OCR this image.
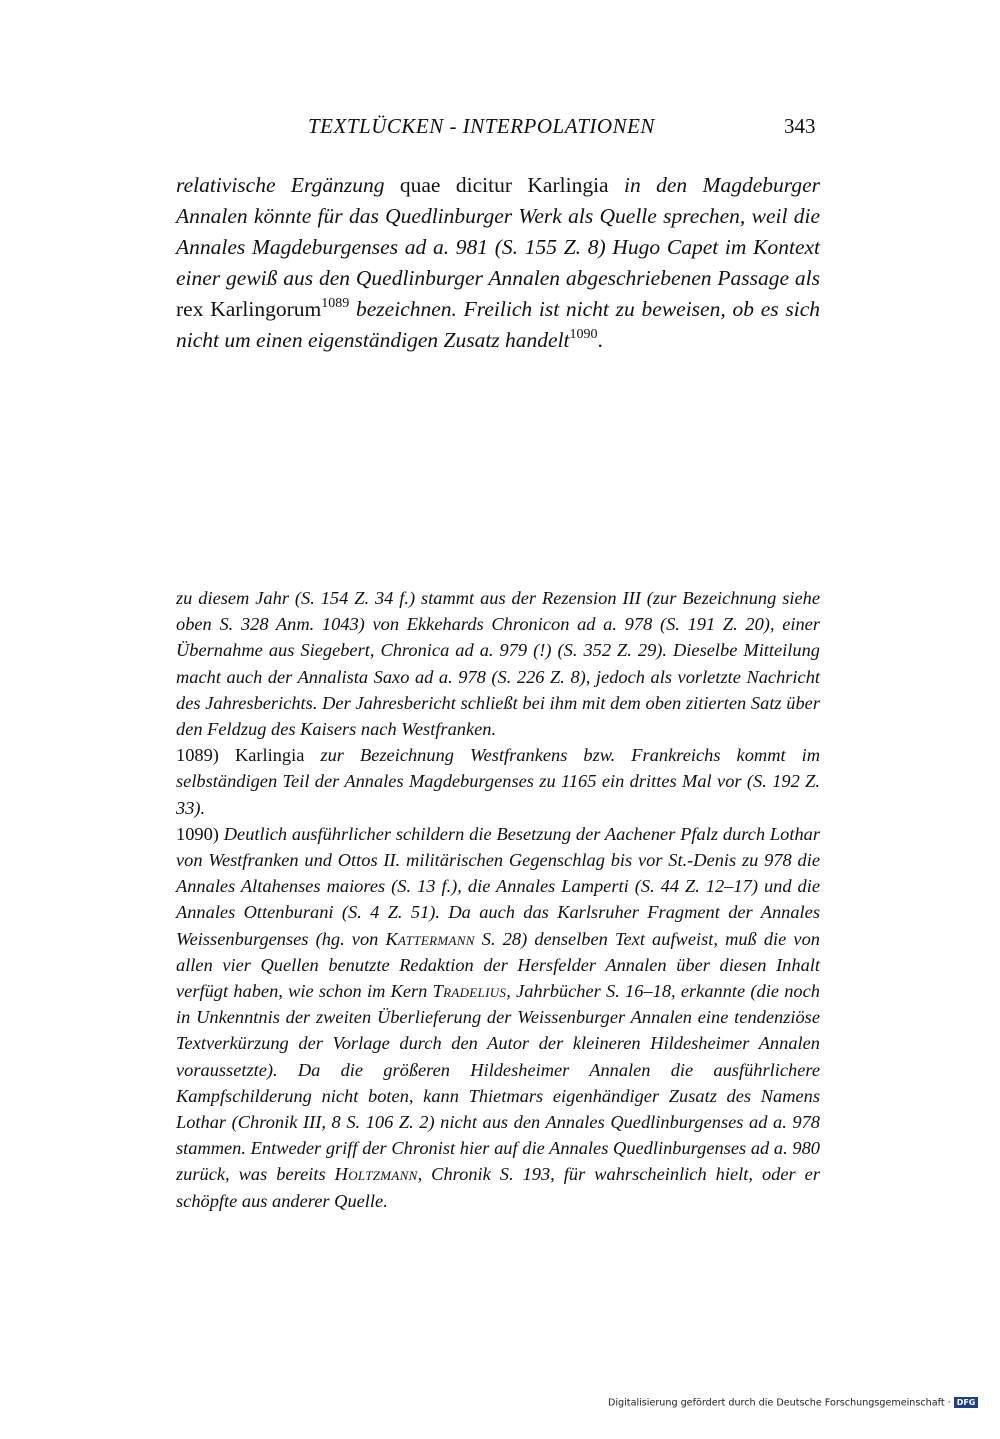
TEXTLÜCKEN - INTERPOLATIONEN	343
relativische Ergänzung quae dicitur Karlingia in den Magdeburger Annalen könnte für das Quedlinburger Werk als Quelle sprechen, weil die Annales Magdeburgenses ad a. 981 (S. 155 Z. 8) Hugo Capet im Kontext einer gewiß aus den Quedlinburger Annalen abgeschriebenen Passage als rex Karlingorum$^{1089}$ bezeichnen. Freilich ist nicht zu beweisen, ob es sich nicht um einen eigenständigen Zusatz handelt$^{1090}$.

zu diesem Jahr (S. 154 Z. 34 f.) stammt aus der Rezension III (zur Bezeichnung siehe oben S. 328 Anm. 1043) von Ekkehards Chronicon ad a. 978 (S. 191 Z. 20), einer Übernahme aus Siegebert, Chronica ad a. 979 (!) (S. 352 Z. 29). Dieselbe Mitteilung macht auch der Annalista Saxo ad a. 978 (S. 226 Z. 8), jedoch als vorletzte Nachricht des Jahresberichts. Der Jahresbericht schließt bei ihm mit dem oben zitierten Satz über den Feldzug des Kaisers nach Westfranken.

1089) Karlingia zur Bezeichnung Westfrankens bzw. Frankreichs kommt im selbständigen Teil der Annales Magdeburgenses zu 1165 ein drittes Mal vor (S. 192 Z. 33).

1090) Deutlich ausführlicher schildern die Besetzung der Aachener Pfalz durch Lothar von Westfranken und Ottos II. militärischen Gegenschlag bis vor St.-Denis zu 978 die Annales Altahenses maiores (S. 13 f.), die Annales Lamperti (S. 44 Z. 12–17) und die Annales Ottenburani (S. 4 Z. 51). Da auch das Karlsruher Fragment der Annales Weissenburgenses (hg. von Kattermann S. 28) denselben Text aufweist, muß die von allen vier Quellen benutzte Redaktion der Hersfelder Annalen über diesen Inhalt verfügt haben, wie schon im Kern Tradelius, Jahrbücher S. 16–18, erkannte (die noch in Unkenntnis der zweiten Überlieferung der Weissenburger Annalen eine tendenziöse Textverkürzung der Vorlage durch den Autor der kleineren Hildesheimer Annalen voraussetzte). Da die größeren Hildesheimer Annalen die ausführlichere Kampfschilderung nicht boten, kann Thietmars eigenhändiger Zusatz des Namens Lothar (Chronik III, 8 S. 106 Z. 2) nicht aus den Annales Quedlinburgenses ad a. 978 stammen. Entweder griff der Chronist hier auf die Annales Quedlinburgenses ad a. 980 zurück, was bereits Holtzmann, Chronik S. 193, für wahrscheinlich hielt, oder er schöpfte aus anderer Quelle.

Digitalisierung gefördert durch die Deutsche Forschungsgemeinschaft · DFG
